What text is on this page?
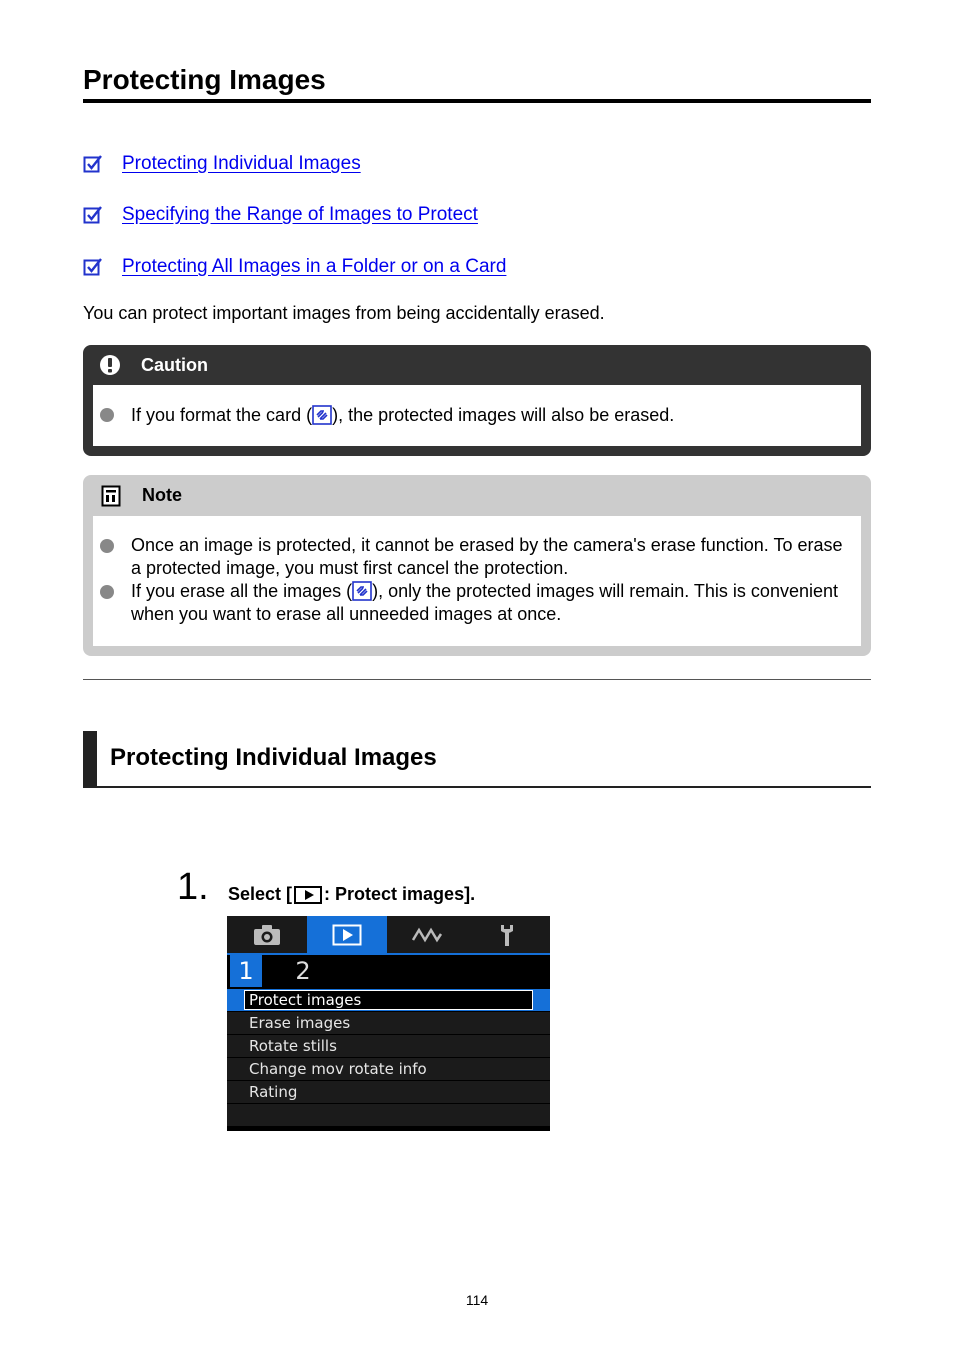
Protecting Images
Protecting Individual Images
Specifying the Range of Images to Protect
Protecting All Images in a Folder or on a Card

You can protect important images from being accidentally erased.

Caution
If you format the card ( ), the protected images will also be erased.
Note
Once an image is protected, it cannot be erased by the camera's erase function. To erase a protected image, you must first cancel the protection.
If you erase all the images ( ), only the protected images will remain. This is convenient when you want to erase all unneeded images at once.
Protecting Individual Images
1. Select [ : Protect images].
1	2
Protect images
Erase images
Rotate stills
Change mov rotate info
Rating
114
